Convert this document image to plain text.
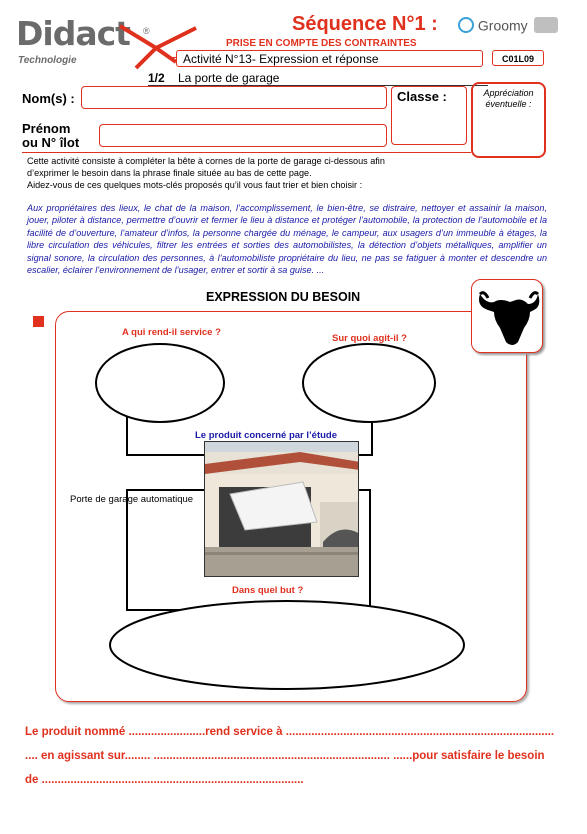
Didact ®
Technologie
Séquence N°1 :
PRISE EN COMPTE DES CONTRAINTES
Groomy
Activité N°13- Expression et réponse	C01L09
1/2 La porte de garage
Nom(s) :
Prénom
ou N° îlot
Classe :	Appréciation
éventuelle :
Cette activité consiste à compléter la bête à cornes de la porte de garage ci-dessous afin
d’exprimer le besoin dans la phrase finale située au bas de cette page.
Aidez-vous de ces quelques mots-clés proposés qu’il vous faut trier et bien choisir :
Aux propriétaires des lieux, le chat de la maison, l’accomplissement, le bien-être, se distraire, nettoyer et assainir la maison, jouer, piloter à distance, permettre d’ouvrir et fermer le lieu à distance et protéger l’automobile, la protection de l’automobile et la facilité de d’ouverture, l’amateur d’infos, la personne chargée du ménage, le campeur, aux usagers d’un immeuble à étages, la libre circulation des véhicules, filtrer les entrées et sorties des automobilistes, la détection d’objets métalliques, amplifier un signal sonore, la circulation des personnes, à l’automobiliste propriétaire du lieu, ne pas se fatiguer à monter et descendre un escalier, éclairer l’environnement de l’usager, entrer et sortir à sa guise. ...
EXPRESSION DU BESOIN
A qui rend-il service ?
Sur quoi agit-il ?
Dans quel but ?
Le produit concerné par l’étude
Porte de garage automatique
Le produit nommé ........................rend service à ....................................................................................
.... en agissant sur........ .......................................................................... ......pour satisfaire le besoin
de ..................................................................................
